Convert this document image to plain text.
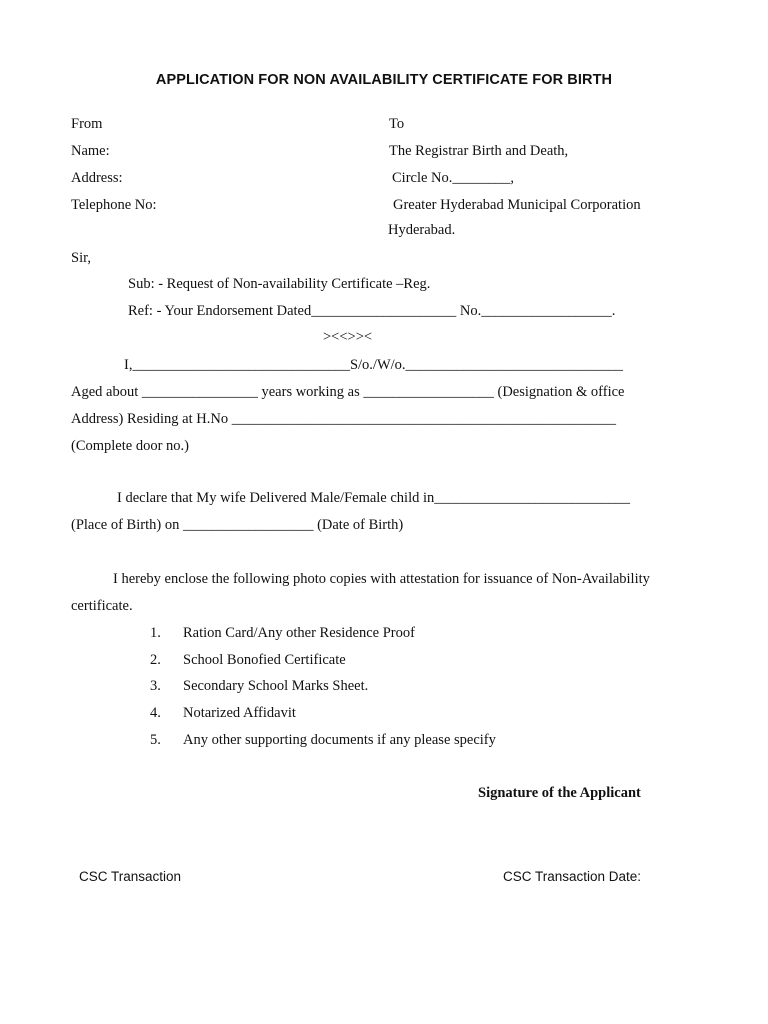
APPLICATION FOR NON AVAILABILITY CERTIFICATE FOR BIRTH
From
Name:
Address:
Telephone No:
To
The Registrar Birth and Death,
Circle No.________,
Greater Hyderabad Municipal Corporation
Hyderabad.
Sir,
Sub: - Request of Non-availability Certificate –Reg.
Ref: - Your Endorsement Dated____________________ No.__________________.
><<>><
I,______________________________S/o./W/o.______________________________
Aged about ________________ years working as __________________ (Designation & office
Address) Residing at H.No _____________________________________________________
(Complete door no.)
I declare that My wife Delivered Male/Female child in___________________________
(Place of Birth) on __________________ (Date of Birth)
I hereby enclose the following photo copies with attestation for issuance of Non-Availability
certificate.
1. Ration Card/Any other Residence Proof
2. School Bonofied Certificate
3. Secondary School Marks Sheet.
4. Notarized Affidavit
5. Any other supporting documents if any please specify
Signature of the Applicant
CSC Transaction	CSC Transaction Date:
